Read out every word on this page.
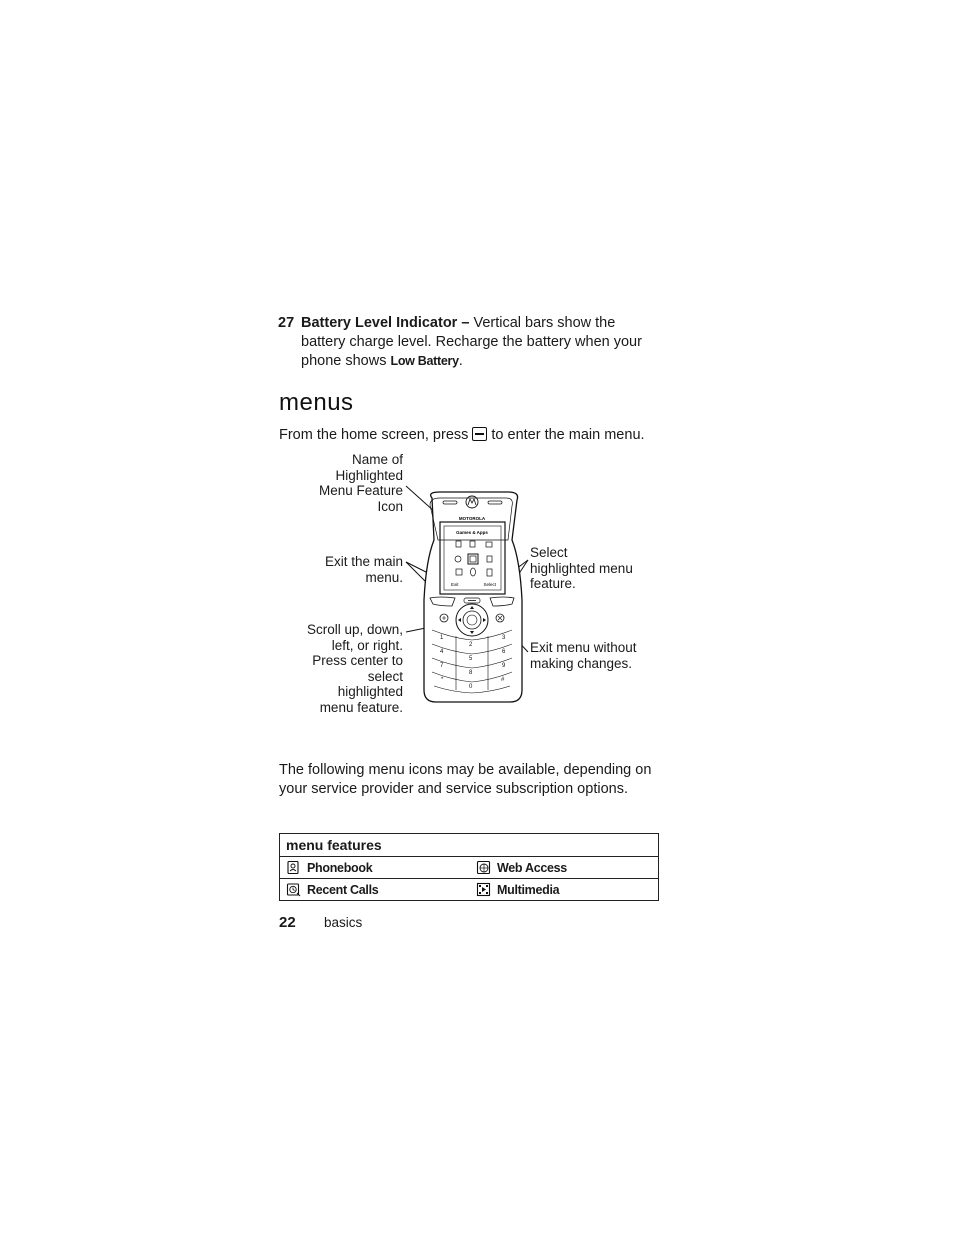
27 Battery Level Indicator – Vertical bars show the battery charge level. Recharge the battery when your phone shows Low Battery.
menus
From the home screen, press to enter the main menu.
Name of
Highlighted
Menu Feature
Icon
Exit the main
menu.
Scroll up, down,
left, or right.
Press center to
select
highlighted
menu feature.
Select
highlighted menu
feature.
Exit menu without
making changes.
MOTOROLA
Games & Apps
Exit	Select
1
2
3
4
5
6
7
8
9
*
0
#
The following menu icons may be available, depending on your service provider and service subscription options.
menu features	
Phonebook	Web Access
Recent Calls	Multimedia
22 basics
